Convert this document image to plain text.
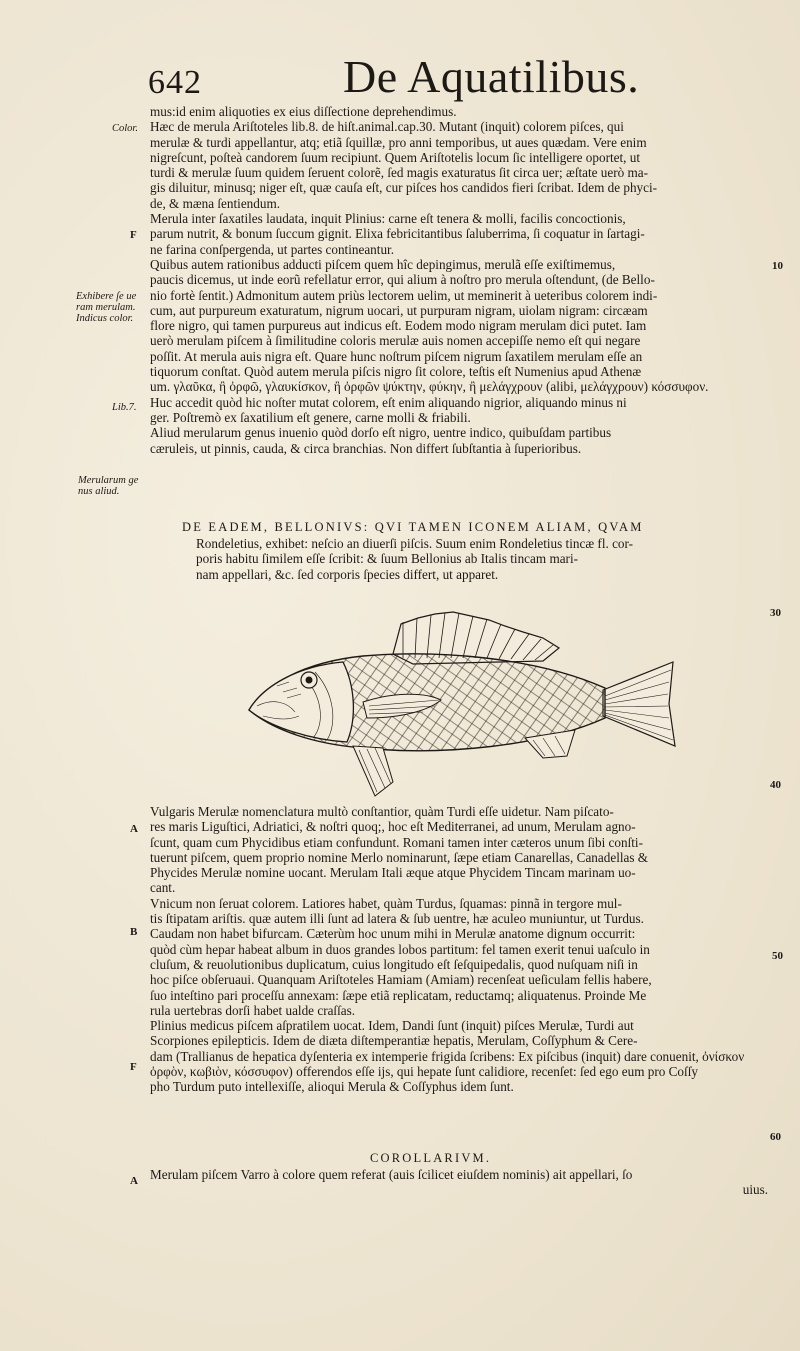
642	De Aquatilibus.
Color.
Exhibere ſe ue
ram merulam.
Indicus color.
Lib.7.
Merularum ge
nus aliud.
F
A
B
F
A
10
30
40
50
60
mus:id enim aliquoties ex eius diſſectione deprehendimus.
Hæc de merula Ariſtoteles lib.8. de hiſt.animal.cap.30. Mutant (inquit) colorem piſces, qui
merulæ & turdi appellantur, atq; etiã ſquillæ, pro anni temporibus, ut aues quædam. Vere enim
nigreſcunt, poſteà candorem ſuum recipiunt. Quem Ariſtotelis locum ſic intelligere oportet, ut
turdi & merulæ ſuum quidem ſeruent colorẽ, ſed magis exaturatus ſit circa uer; æſtate uerò ma-
gis diluitur, minusq; niger eſt, quæ cauſa eſt, cur piſces hos candidos fieri ſcribat. Idem de phyci-
de, & mæna ſentiendum.
Merula inter ſaxatiles laudata, inquit Plinius: carne eſt tenera & molli, facilis concoctionis,
parum nutrit, & bonum ſuccum gignit. Elixa febricitantibus ſaluberrima, ſi coquatur in ſartagi-
ne farina conſpergenda, ut partes contineantur.
Quibus autem rationibus adducti piſcem quem hîc depingimus, merulã eſſe exiſtimemus,
paucis dicemus, ut inde eorũ refellatur error, qui alium à noſtro pro merula oſtendunt, (de Bello-
nio fortè ſentit.) Admonitum autem priùs lectorem uelim, ut meminerit à ueteribus colorem indi-
cum, aut purpureum exaturatum, nigrum uocari, ut purpuram nigram, uiolam nigram: circæam
flore nigro, qui tamen purpureus aut indicus eſt. Eodem modo nigram merulam dici putet. Iam
uerò merulam piſcem à ſimilitudine coloris merulæ auis nomen accepiſſe nemo eſt qui negare
poſſit. At merula auis nigra eſt. Quare hunc noſtrum piſcem nigrum ſaxatilem merulam eſſe an
tiquorum conſtat. Quòd autem merula piſcis nigro ſit colore, teſtis eſt Numenius apud Athenæ
um. γλαῦκα, ἢ ὀρφῶ, γλαυκίσκον, ἢ ὀρφῶν ψύκτην, φύκην, ἢ μελάγχρουν (alibi, μελάγχρουν) κόσσυφον.
Huc accedit quòd hic noſter mutat colorem, eſt enim aliquando nigrior, aliquando minus ni
ger. Poſtremò ex ſaxatilium eſt genere, carne molli & friabili.
Aliud merularum genus inuenio quòd dorſo eſt nigro, uentre indico, quibuſdam partibus
cæruleis, ut pinnis, cauda, & circa branchias. Non differt ſubſtantia à ſuperioribus.
DE EADEM, BELLONIVS: QVI TAMEN ICONEM ALIAM, QVAM
Rondeletius, exhibet: neſcio an diuerſi piſcis. Suum enim Rondeletius tincæ fl. cor-
poris habitu ſimilem eſſe ſcribit: & ſuum Bellonius ab Italis tincam mari-
nam appellari, &c. ſed corporis ſpecies differt, ut apparet.
Vulgaris Merulæ nomenclatura multò conſtantior, quàm Turdi eſſe uidetur. Nam piſcato-
res maris Liguſtici, Adriatici, & noſtri quoq;, hoc eſt Mediterranei, ad unum, Merulam agno-
ſcunt, quam cum Phycidibus etiam confundunt. Romani tamen inter cæteros unum ſibi conſti-
tuerunt piſcem, quem proprio nomine Merlo nominarunt, ſæpe etiam Canarellas, Canadellas &
Phycides Merulæ nomine uocant. Merulam Itali æque atque Phycidem Tincam marinam uo-
cant.
Vnicum non ſeruat colorem. Latiores habet, quàm Turdus, ſquamas: pinnã in tergore mul-
tis ſtipatam ariſtis. quæ autem illi ſunt ad latera & ſub uentre, hæ aculeo muniuntur, ut Turdus.
Caudam non habet bifurcam. Cæterùm hoc unum mihi in Merulæ anatome dignum occurrit:
quòd cùm hepar habeat album in duos grandes lobos partitum: fel tamen exerit tenui uaſculo in
cluſum, & reuolutionibus duplicatum, cuius longitudo eſt ſeſquipedalis, quod nuſquam niſi in
hoc piſce obſeruaui. Quanquam Ariſtoteles Hamiam (Amiam) recenſeat ueſiculam fellis habere,
ſuo inteſtino pari proceſſu annexam: ſæpe etiã replicatam, reductamq; aliquatenus. Proinde Me
rula uertebras dorſi habet ualde craſſas.
Plinius medicus piſcem aſpratilem uocat. Idem, Dandi ſunt (inquit) piſces Merulæ, Turdi aut
Scorpiones epilepticis. Idem de diæta diſtemperantiæ hepatis, Merulam, Coſſyphum & Cere-
dam (Trallianus de hepatica dyſenteria ex intemperie frigida ſcribens: Ex piſcibus (inquit) dare conuenit, ὀνίσκον
ὀρφὸν, κωβιὸν, κόσσυφον) offerendos eſſe ijs, qui hepate ſunt calidiore, recenſet: ſed ego eum pro Coſſy
pho Turdum puto intellexiſſe, alioqui Merula & Coſſyphus idem ſunt.
COROLLARIVM.
Merulam piſcem Varro à colore quem referat (auis ſcilicet eiuſdem nominis) ait appellari, ſo
uius.
